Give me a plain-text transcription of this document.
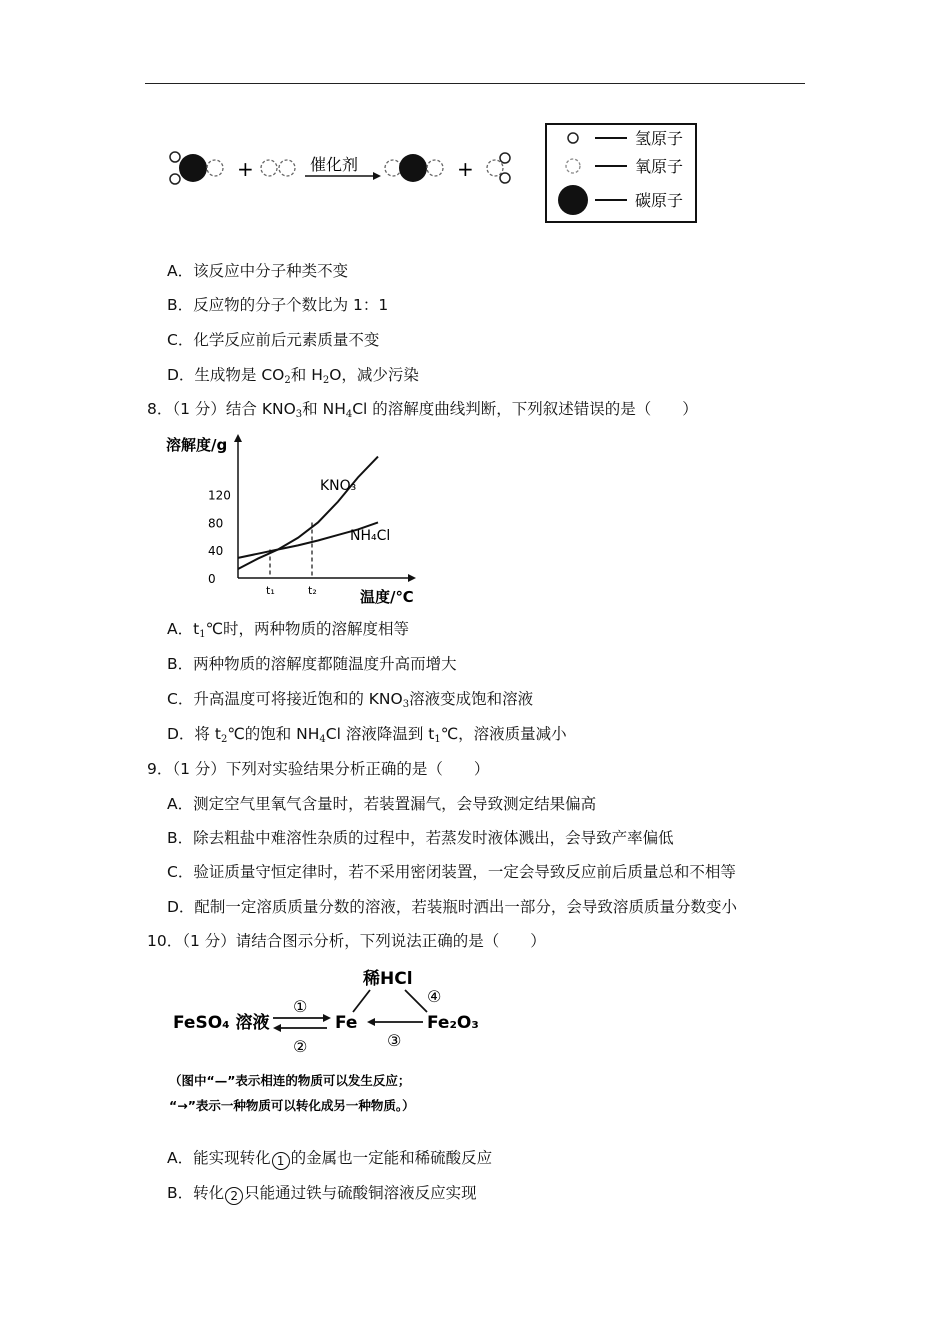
+	催化剂	+
氢原子
氧原子
碳原子
A．该反应中分子种类不变
B．反应物的分子个数比为 1：1
C．化学反应前后元素质量不变
D．生成物是 $CO_2$和 $H_2O$，减少污染
8．（1 分）结合 $KNO_3$和 $NH_4Cl$ 的溶解度曲线判断，下列叙述错误的是（　　）
溶解度/g
温度/℃
120
80
40
0
KNO₃
NH₄Cl
t₁	t₂
A．$t_1℃$时，两种物质的溶解度相等
B．两种物质的溶解度都随温度升高而增大
C．升高温度可将接近饱和的 $KNO_3$溶液变成饱和溶液
D．将 $t_2℃$的饱和 $NH_4Cl$ 溶液降温到 $t_1℃$，溶液质量减小
9．（1 分）下列对实验结果分析正确的是（　　）
A．测定空气里氧气含量时，若装置漏气，会导致测定结果偏高
B．除去粗盐中难溶性杂质的过程中，若蒸发时液体溅出，会导致产率偏低
C．验证质量守恒定律时，若不采用密闭装置，一定会导致反应前后质量总和不相等
D．配制一定溶质质量分数的溶液，若装瓶时洒出一部分，会导致溶质质量分数变小
10．（1 分）请结合图示分析，下列说法正确的是（　　）
稀HCl
FeSO₄ 溶液	Fe	Fe₂O₃
①
②	③
④
（图中“—”表示相连的物质可以发生反应；
“→”表示一种物质可以转化成另一种物质。）
A．能实现转化 1 的金属也一定能和稀硫酸反应
B．转化 2 只能通过铁与硫酸铜溶液反应实现
